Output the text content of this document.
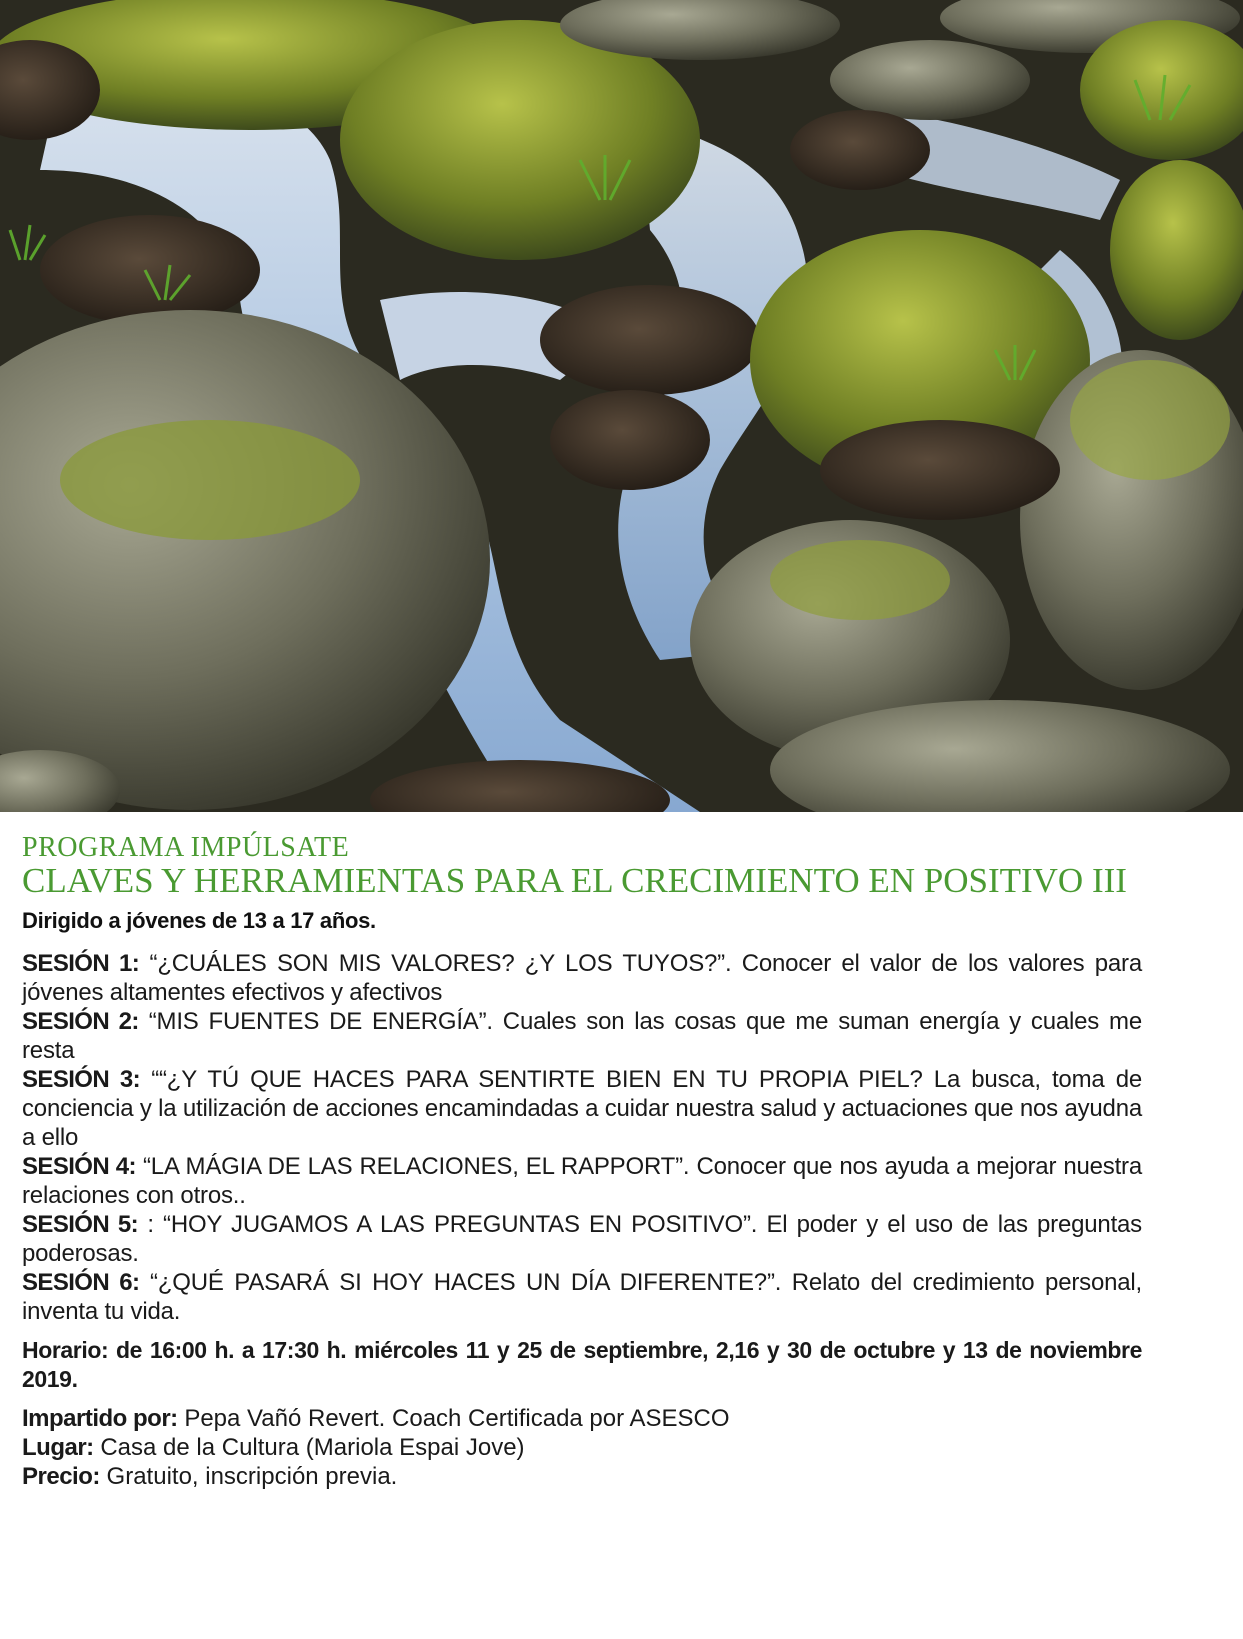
PROGRAMA IMPÚLSATE
CLAVES Y HERRAMIENTAS PARA EL CRECIMIENTO EN POSITIVO III Dirigido a jóvenes de 13 a 17 años.
SESIÓN 1: “¿CUÁLES SON MIS VALORES? ¿Y LOS TUYOS?”. Conocer el valor de los valores para jóvenes altamentes efectivos y afectivos
SESIÓN 2: “MIS FUENTES DE ENERGÍA”. Cuales son las cosas que me suman energía y cuales me resta
SESIÓN 3: ““¿Y TÚ QUE HACES PARA SENTIRTE BIEN EN TU PROPIA PIEL? La busca, toma de conciencia y la utilización de acciones encamindadas a cuidar nuestra salud y actuaciones que nos ayudna a ello
SESIÓN 4: “LA MÁGIA DE LAS RELACIONES, EL RAPPORT”. Conocer que nos ayuda a mejorar nuestra relaciones con otros..
SESIÓN 5: : “HOY JUGAMOS A LAS PREGUNTAS EN POSITIVO”. El poder y el uso de las preguntas poderosas.
SESIÓN 6: “¿QUÉ PASARÁ SI HOY HACES UN DÍA DIFERENTE?”. Relato del credimiento personal, inventa tu vida.
Horario: de 16:00 h. a 17:30 h. miércoles 11 y 25 de septiembre, 2,16 y 30 de octubre y 13 de noviembre 2019.
Impartido por: Pepa Vañó Revert. Coach Certificada por ASESCO
Lugar: Casa de la Cultura (Mariola Espai Jove)
Precio: Gratuito, inscripción previa.
